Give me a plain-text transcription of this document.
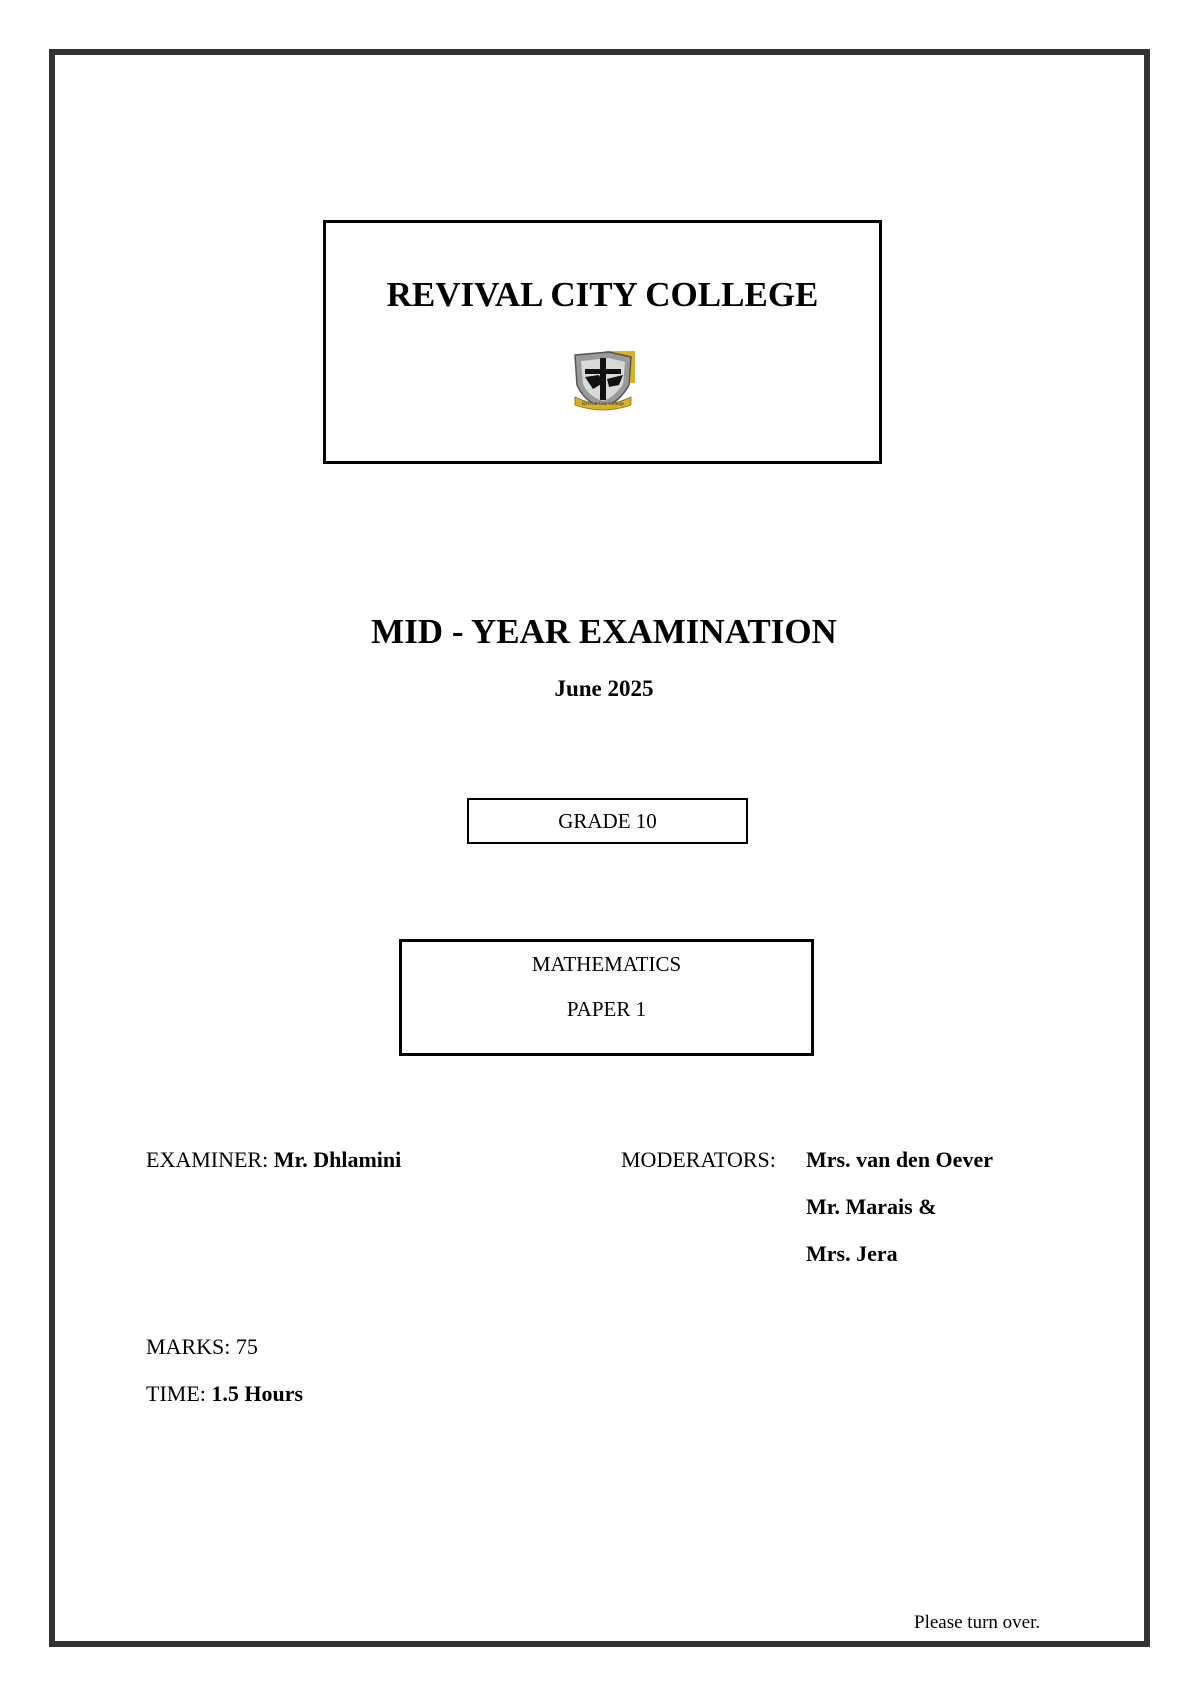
REVIVAL CITY COLLEGE
Revival City College
MID - YEAR EXAMINATION
June 2025
GRADE 10
MATHEMATICS
PAPER 1
EXAMINER: Mr. Dhlamini	MODERATORS: Mrs. van den Oever
Mr. Marais &
Mrs. Jera
MARKS: 75
TIME: 1.5 Hours
Please turn over.
